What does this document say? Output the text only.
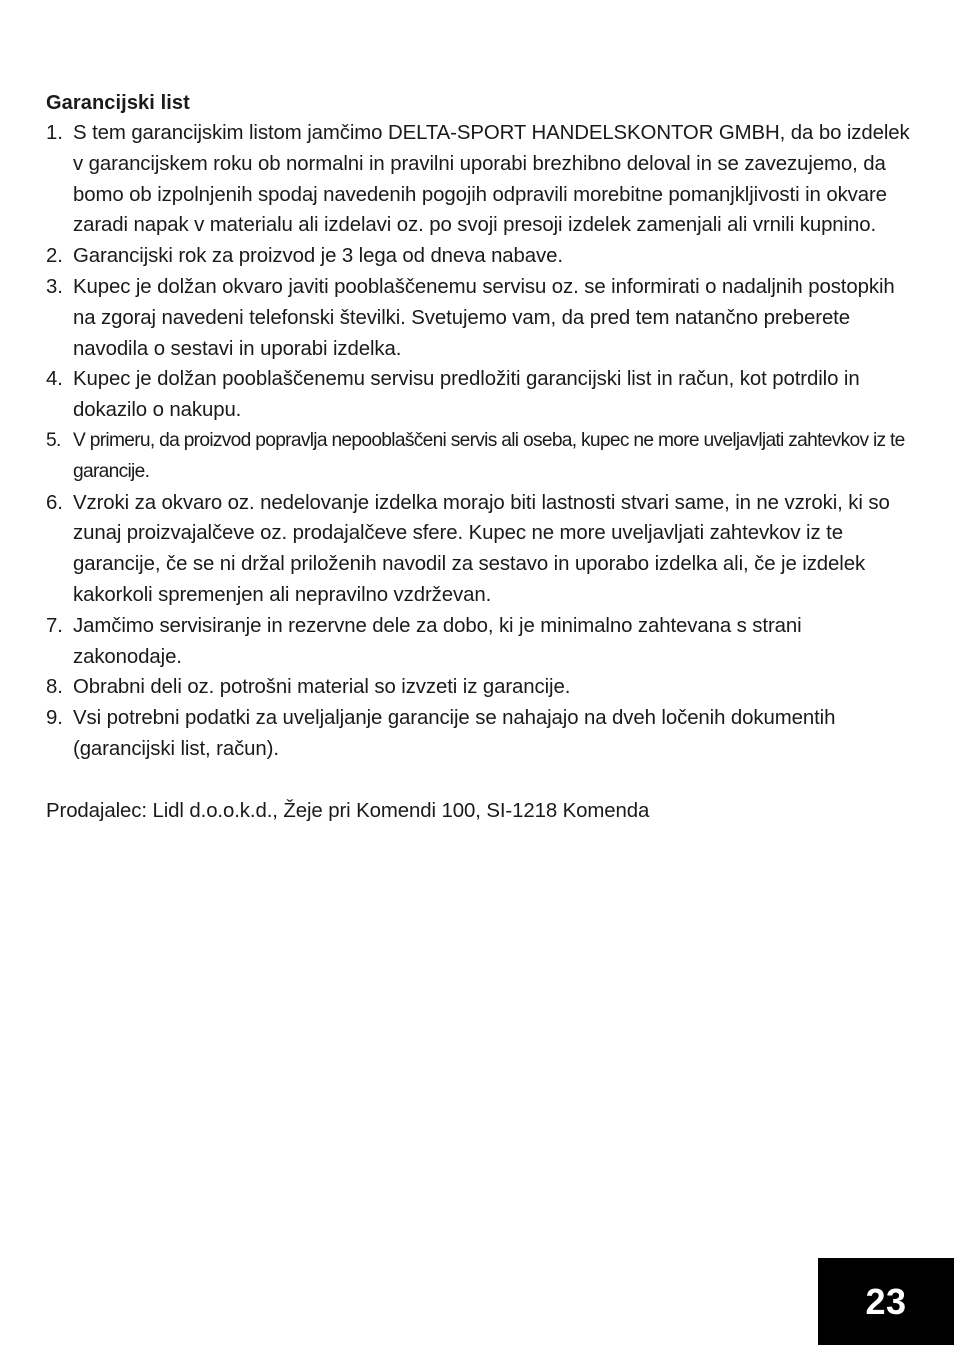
Garancijski list
1. S tem garancijskim listom jamčimo DELTA-SPORT HANDELSKONTOR GMBH, da bo izdelek v garancijskem roku ob normalni in pravilni uporabi brezhibno deloval in se zavezujemo, da bomo ob izpolnjenih spodaj navedenih pogojih odpravili morebitne pomanjkljivosti in okvare zaradi napak v materialu ali izdelavi oz. po svoji presoji izdelek zamenjali ali vrnili kupnino.
2. Garancijski rok za proizvod je 3 lega od dneva nabave.
3. Kupec je dolžan okvaro javiti pooblaščenemu servisu oz. se informirati o nadaljnih postopkih na zgoraj navedeni telefonski številki. Svetujemo vam, da pred tem natančno preberete navodila o sestavi in uporabi izdelka.
4. Kupec je dolžan pooblaščenemu servisu predložiti garancijski list in račun, kot potrdilo in dokazilo o nakupu.
5. V primeru, da proizvod popravlja nepooblaščeni servis ali oseba, kupec ne more uveljavljati zahtevkov iz te garancije.
6. Vzroki za okvaro oz. nedelovanje izdelka morajo biti lastnosti stvari same, in ne vzroki, ki so zunaj proizvajalčeve oz. prodajalčeve sfere. Kupec ne more uveljavljati zahtevkov iz te garancije, če se ni držal priloženih navodil za sestavo in uporabo izdelka ali, če je izdelek kakorkoli spremenjen ali nepravilno vzdrževan.
7. Jamčimo servisiranje in rezervne dele za dobo, ki je minimalno zahtevana s strani zakonodaje.
8. Obrabni deli oz. potrošni material so izvzeti iz garancije.
9. Vsi potrebni podatki za uveljaljanje garancije se nahajajo na dveh ločenih dokumentih (garancijski list, račun).

Prodajalec: Lidl d.o.o.k.d., Žeje pri Komendi 100, SI-1218 Komenda

23
